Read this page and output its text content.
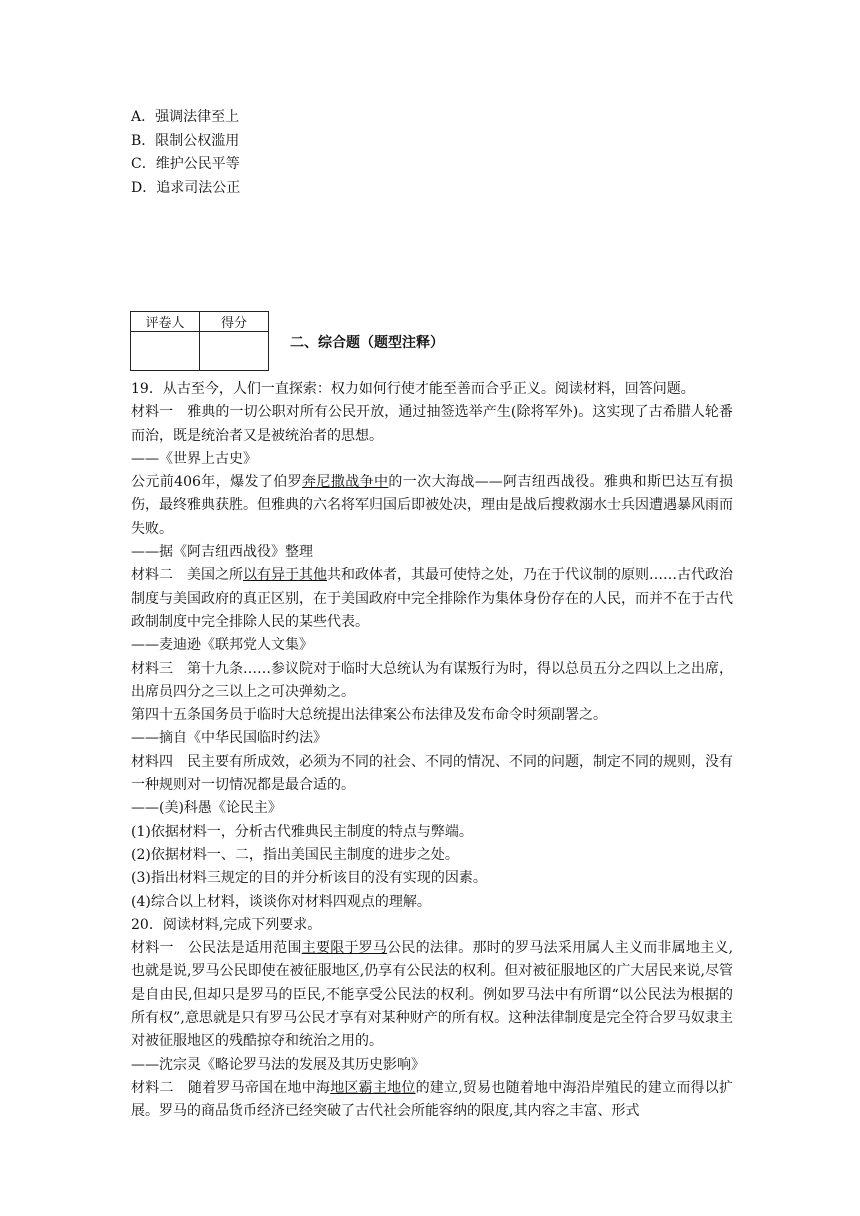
A．强调法律至上
B．限制公权滥用
C．维护公民平等
D．追求司法公正
评卷人	得分

二、综合题（题型注释）

19．从古至今，人们一直探索：权力如何行使才能至善而合乎正义。阅读材料，回答问题。

材料一　雅典的一切公职对所有公民开放，通过抽签选举产生(除将军外)。这实现了古希腊人轮番而治，既是统治者又是被统治者的思想。

——《世界上古史》

公元前406年，爆发了伯罗奔尼撒战争中的一次大海战——阿吉纽西战役。雅典和斯巴达互有损伤，最终雅典获胜。但雅典的六名将军归国后即被处决，理由是战后搜救溺水士兵因遭遇暴风雨而失败。

——据《阿吉纽西战役》整理

材料二　美国之所以有异于其他共和政体者，其最可使恃之处，乃在于代议制的原则……古代政治制度与美国政府的真正区别，在于美国政府中完全排除作为集体身份存在的人民，而并不在于古代政制制度中完全排除人民的某些代表。

——麦迪逊《联邦党人文集》

材料三　第十九条……参议院对于临时大总统认为有谋叛行为时，得以总员五分之四以上之出席，出席员四分之三以上之可决弹劾之。

第四十五条国务员于临时大总统提出法律案公布法律及发布命令时须副署之。

——摘自《中华民国临时约法》

材料四　民主要有所成效，必须为不同的社会、不同的情况、不同的问题，制定不同的规则，没有一种规则对一切情况都是最合适的。

——(美)科愚《论民主》

(1)依据材料一，分析古代雅典民主制度的特点与弊端。

(2)依据材料一、二，指出美国民主制度的进步之处。

(3)指出材料三规定的目的并分析该目的没有实现的因素。

(4)综合以上材料，谈谈你对材料四观点的理解。

20．阅读材料,完成下列要求。

材料一　公民法是适用范围主要限于罗马公民的法律。那时的罗马法采用属人主义而非属地主义,也就是说,罗马公民即使在被征服地区,仍享有公民法的权利。但对被征服地区的广大居民来说,尽管是自由民,但却只是罗马的臣民,不能享受公民法的权利。例如罗马法中有所谓“以公民法为根据的所有权”,意思就是只有罗马公民才享有对某种财产的所有权。这种法律制度是完全符合罗马奴隶主对被征服地区的残酷掠夺和统治之用的。

——沈宗灵《略论罗马法的发展及其历史影响》

材料二　随着罗马帝国在地中海地区霸主地位的建立,贸易也随着地中海沿岸殖民的建立而得以扩展。罗马的商品货币经济已经突破了古代社会所能容纳的限度,其内容之丰富、形式
